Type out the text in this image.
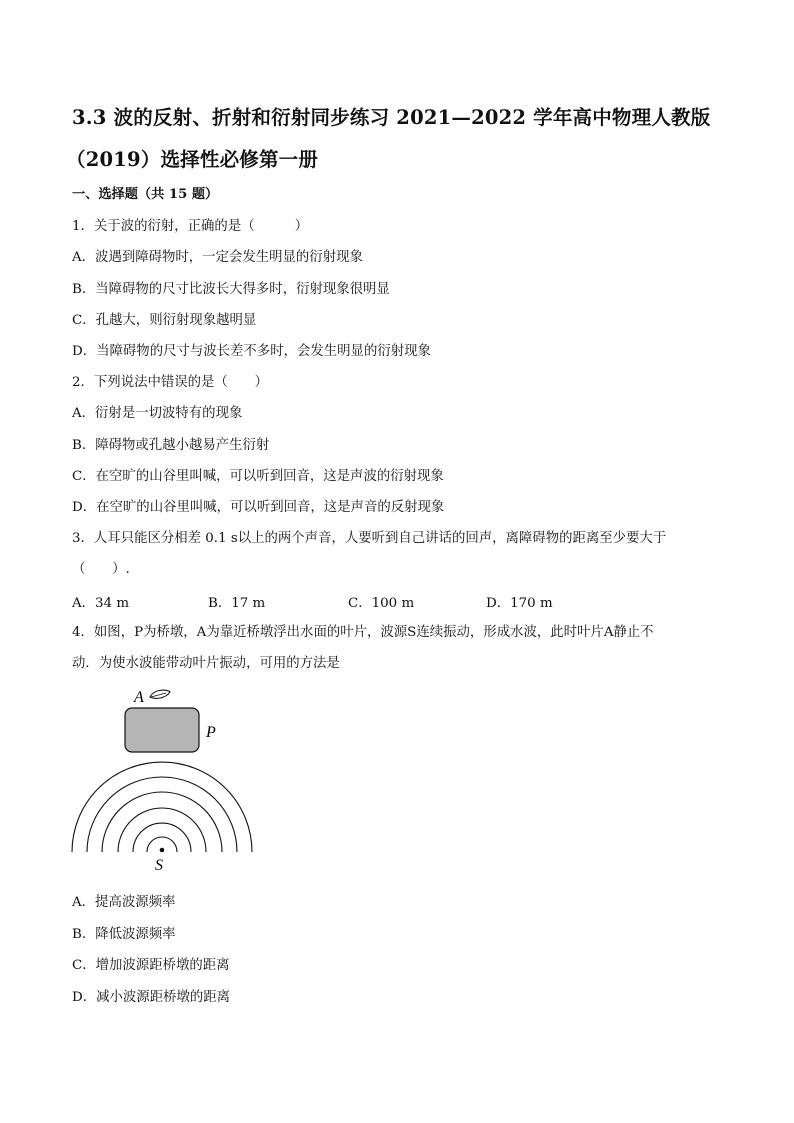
3.3 波的反射、折射和衍射同步练习 2021—2022 学年高中物理人教版
（2019）选择性必修第一册
一、选择题（共 15 题）
1．关于波的衍射，正确的是（　　　）
A．波遇到障碍物时，一定会发生明显的衍射现象
B．当障碍物的尺寸比波长大得多时，衍射现象很明显
C．孔越大，则衍射现象越明显
D．当障碍物的尺寸与波长差不多时，会发生明显的衍射现象
2．下列说法中错误的是（　　）
A．衍射是一切波特有的现象
B．障碍物或孔越小越易产生衍射
C．在空旷的山谷里叫喊，可以听到回音，这是声波的衍射现象
D．在空旷的山谷里叫喊，可以听到回音，这是声音的反射现象
3．人耳只能区分相差 0.1 s以上的两个声音，人要听到自己讲话的回声，离障碍物的距离至少要大于
（　　）.
A．34 m	B．17 m	C．100 m	D．170 m
4．如图，P为桥墩，A为靠近桥墩浮出水面的叶片，波源S连续振动，形成水波，此时叶片A静止不
动．为使水波能带动叶片振动，可用的方法是
A
P
S
A．提高波源频率
B．降低波源频率
C．增加波源距桥墩的距离
D．减小波源距桥墩的距离
